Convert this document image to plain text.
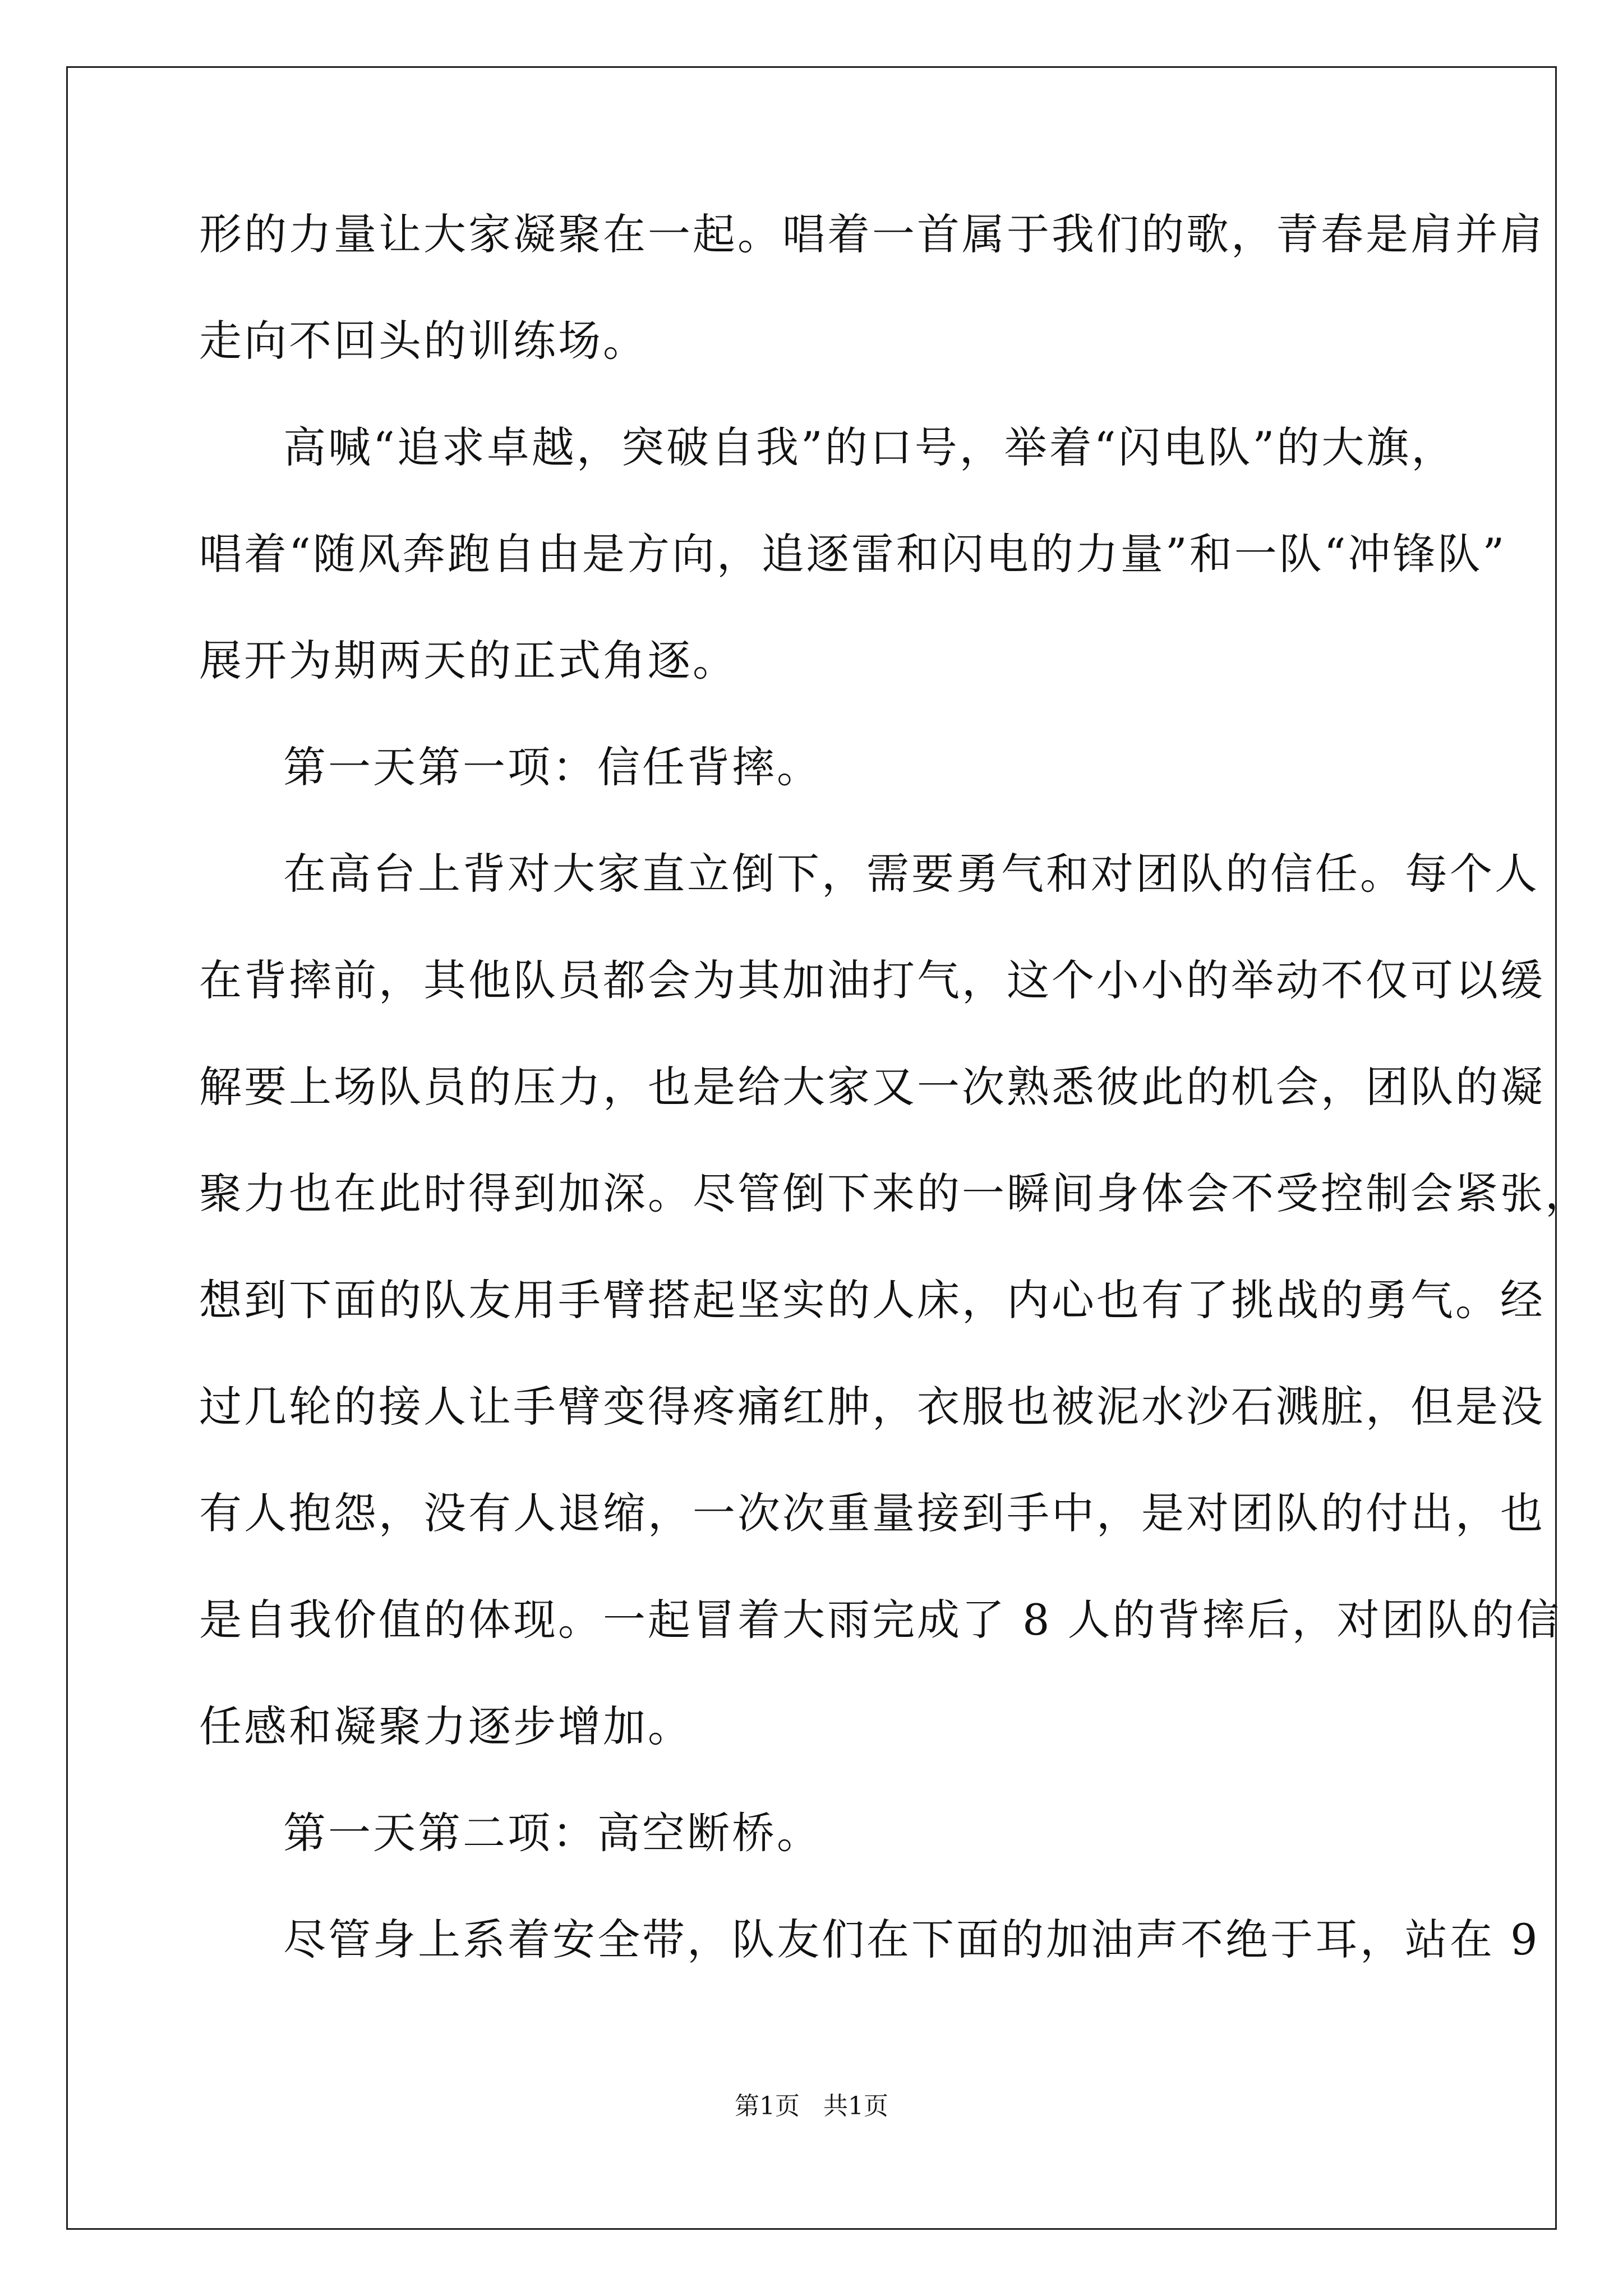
形的力量让大家凝聚在一起。唱着一首属于我们的歌，青春是肩并肩
走向不回头的训练场。
高喊“追求卓越，突破自我”的口号，举着“闪电队”的大旗，
唱着“随风奔跑自由是方向，追逐雷和闪电的力量”和一队“冲锋队”
展开为期两天的正式角逐。
第一天第一项：信任背摔。
在高台上背对大家直立倒下，需要勇气和对团队的信任。每个人
在背摔前，其他队员都会为其加油打气，这个小小的举动不仅可以缓
解要上场队员的压力，也是给大家又一次熟悉彼此的机会，团队的凝
聚力也在此时得到加深。尽管倒下来的一瞬间身体会不受控制会紧张，
想到下面的队友用手臂搭起坚实的人床，内心也有了挑战的勇气。经
过几轮的接人让手臂变得疼痛红肿，衣服也被泥水沙石溅脏，但是没
有人抱怨，没有人退缩，一次次重量接到手中，是对团队的付出，也
是自我价值的体现。一起冒着大雨完成了 8 人的背摔后，对团队的信
任感和凝聚力逐步增加。
第一天第二项：高空断桥。
尽管身上系着安全带，队友们在下面的加油声不绝于耳，站在 9
第1页   共1页
